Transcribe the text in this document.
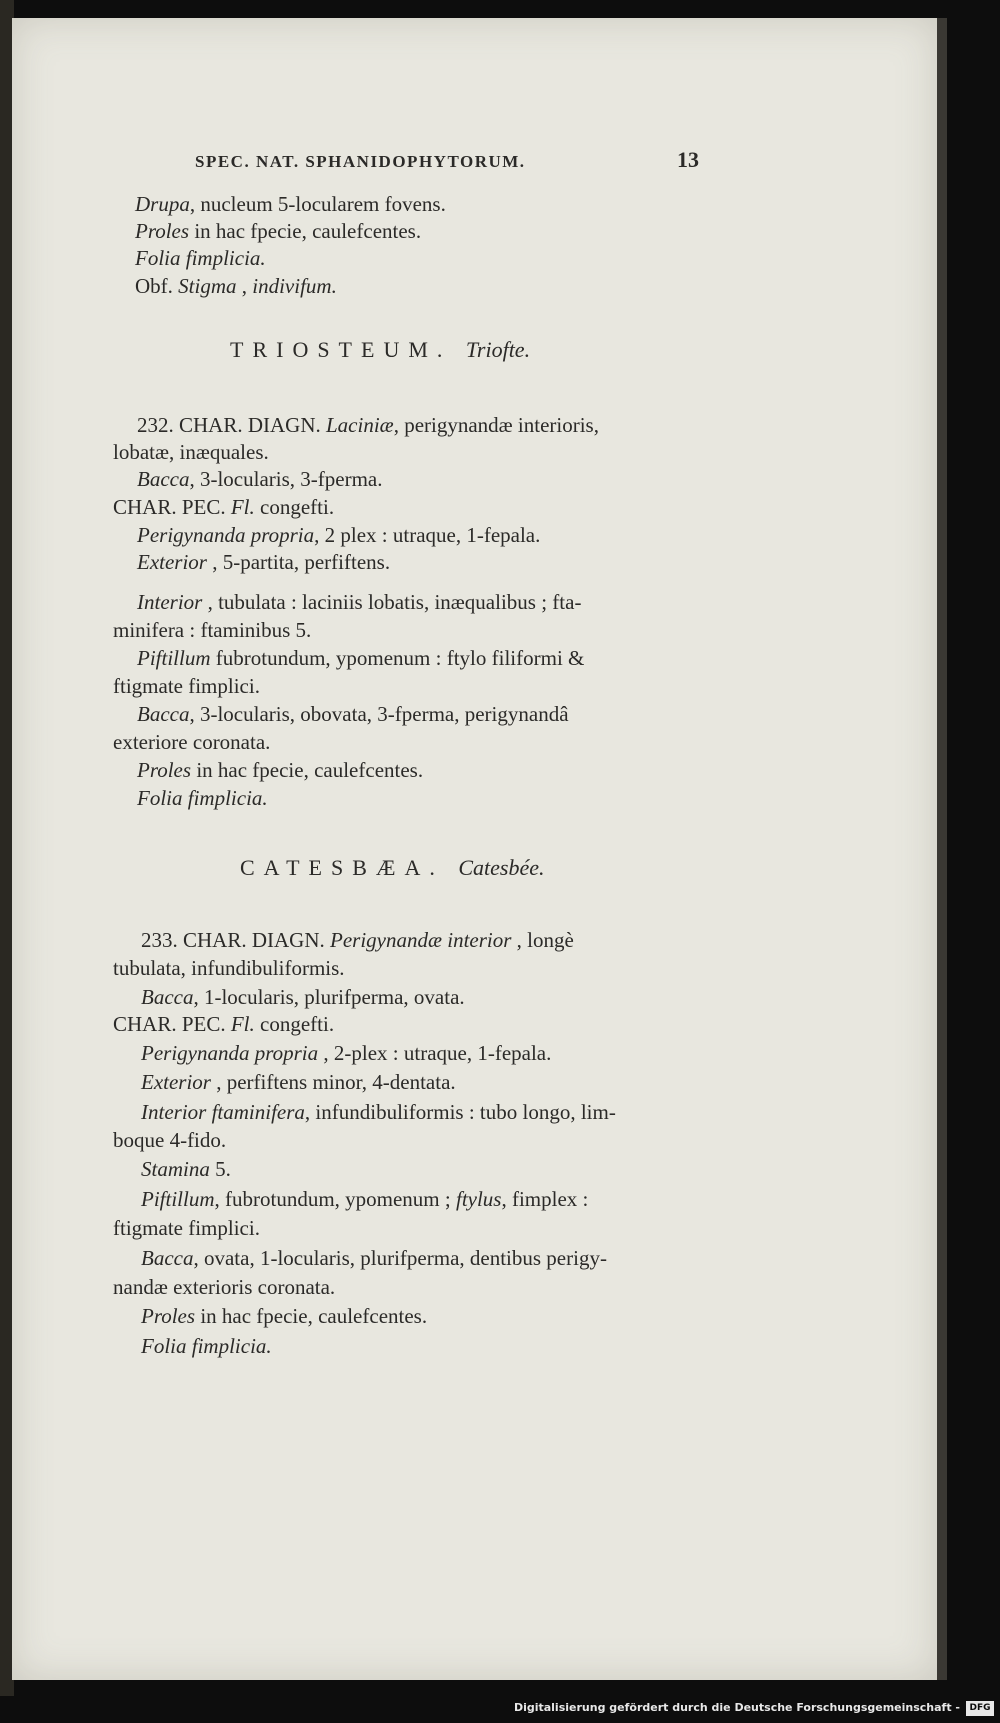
SPEC. NAT. SPHANIDOPHYTORUM.	13
Drupa, nucleum 5-locularem fovens.
Proles in hac fpecie, caulefcentes.
Folia fimplicia.
Obf. Stigma , indivifum.
TRIOSTEUM. Triofte.
232. CHAR. DIAGN. Laciniæ, perigynandæ interioris,
lobatæ, inæquales.
Bacca, 3-locularis, 3-fperma.
CHAR. PEC. Fl. congefti.
Perigynanda propria, 2 plex : utraque, 1-fepala.
Exterior , 5-partita, perfiftens.
Interior , tubulata : laciniis lobatis, inæqualibus ; fta-
minifera : ftaminibus 5.
Piftillum fubrotundum, ypomenum : ftylo filiformi &
ftigmate fimplici.
Bacca, 3-locularis, obovata, 3-fperma, perigynandâ
exteriore coronata.
Proles in hac fpecie, caulefcentes.
Folia fimplicia.
CATESBÆA. Catesbée.
233. CHAR. DIAGN. Perigynandæ interior , longè
tubulata, infundibuliformis.
Bacca, 1-locularis, plurifperma, ovata.
CHAR. PEC. Fl. congefti.
Perigynanda propria , 2-plex : utraque, 1-fepala.
Exterior , perfiftens minor, 4-dentata.
Interior ftaminifera, infundibuliformis : tubo longo, lim-
boque 4-fido.
Stamina 5.
Piftillum, fubrotundum, ypomenum ; ftylus, fimplex :
ftigmate fimplici.
Bacca, ovata, 1-locularis, plurifperma, dentibus perigy-
nandæ exterioris coronata.
Proles in hac fpecie, caulefcentes.
Folia fimplicia.
Digitalisierung gefördert durch die Deutsche Forschungsgemeinschaft -	DFG
